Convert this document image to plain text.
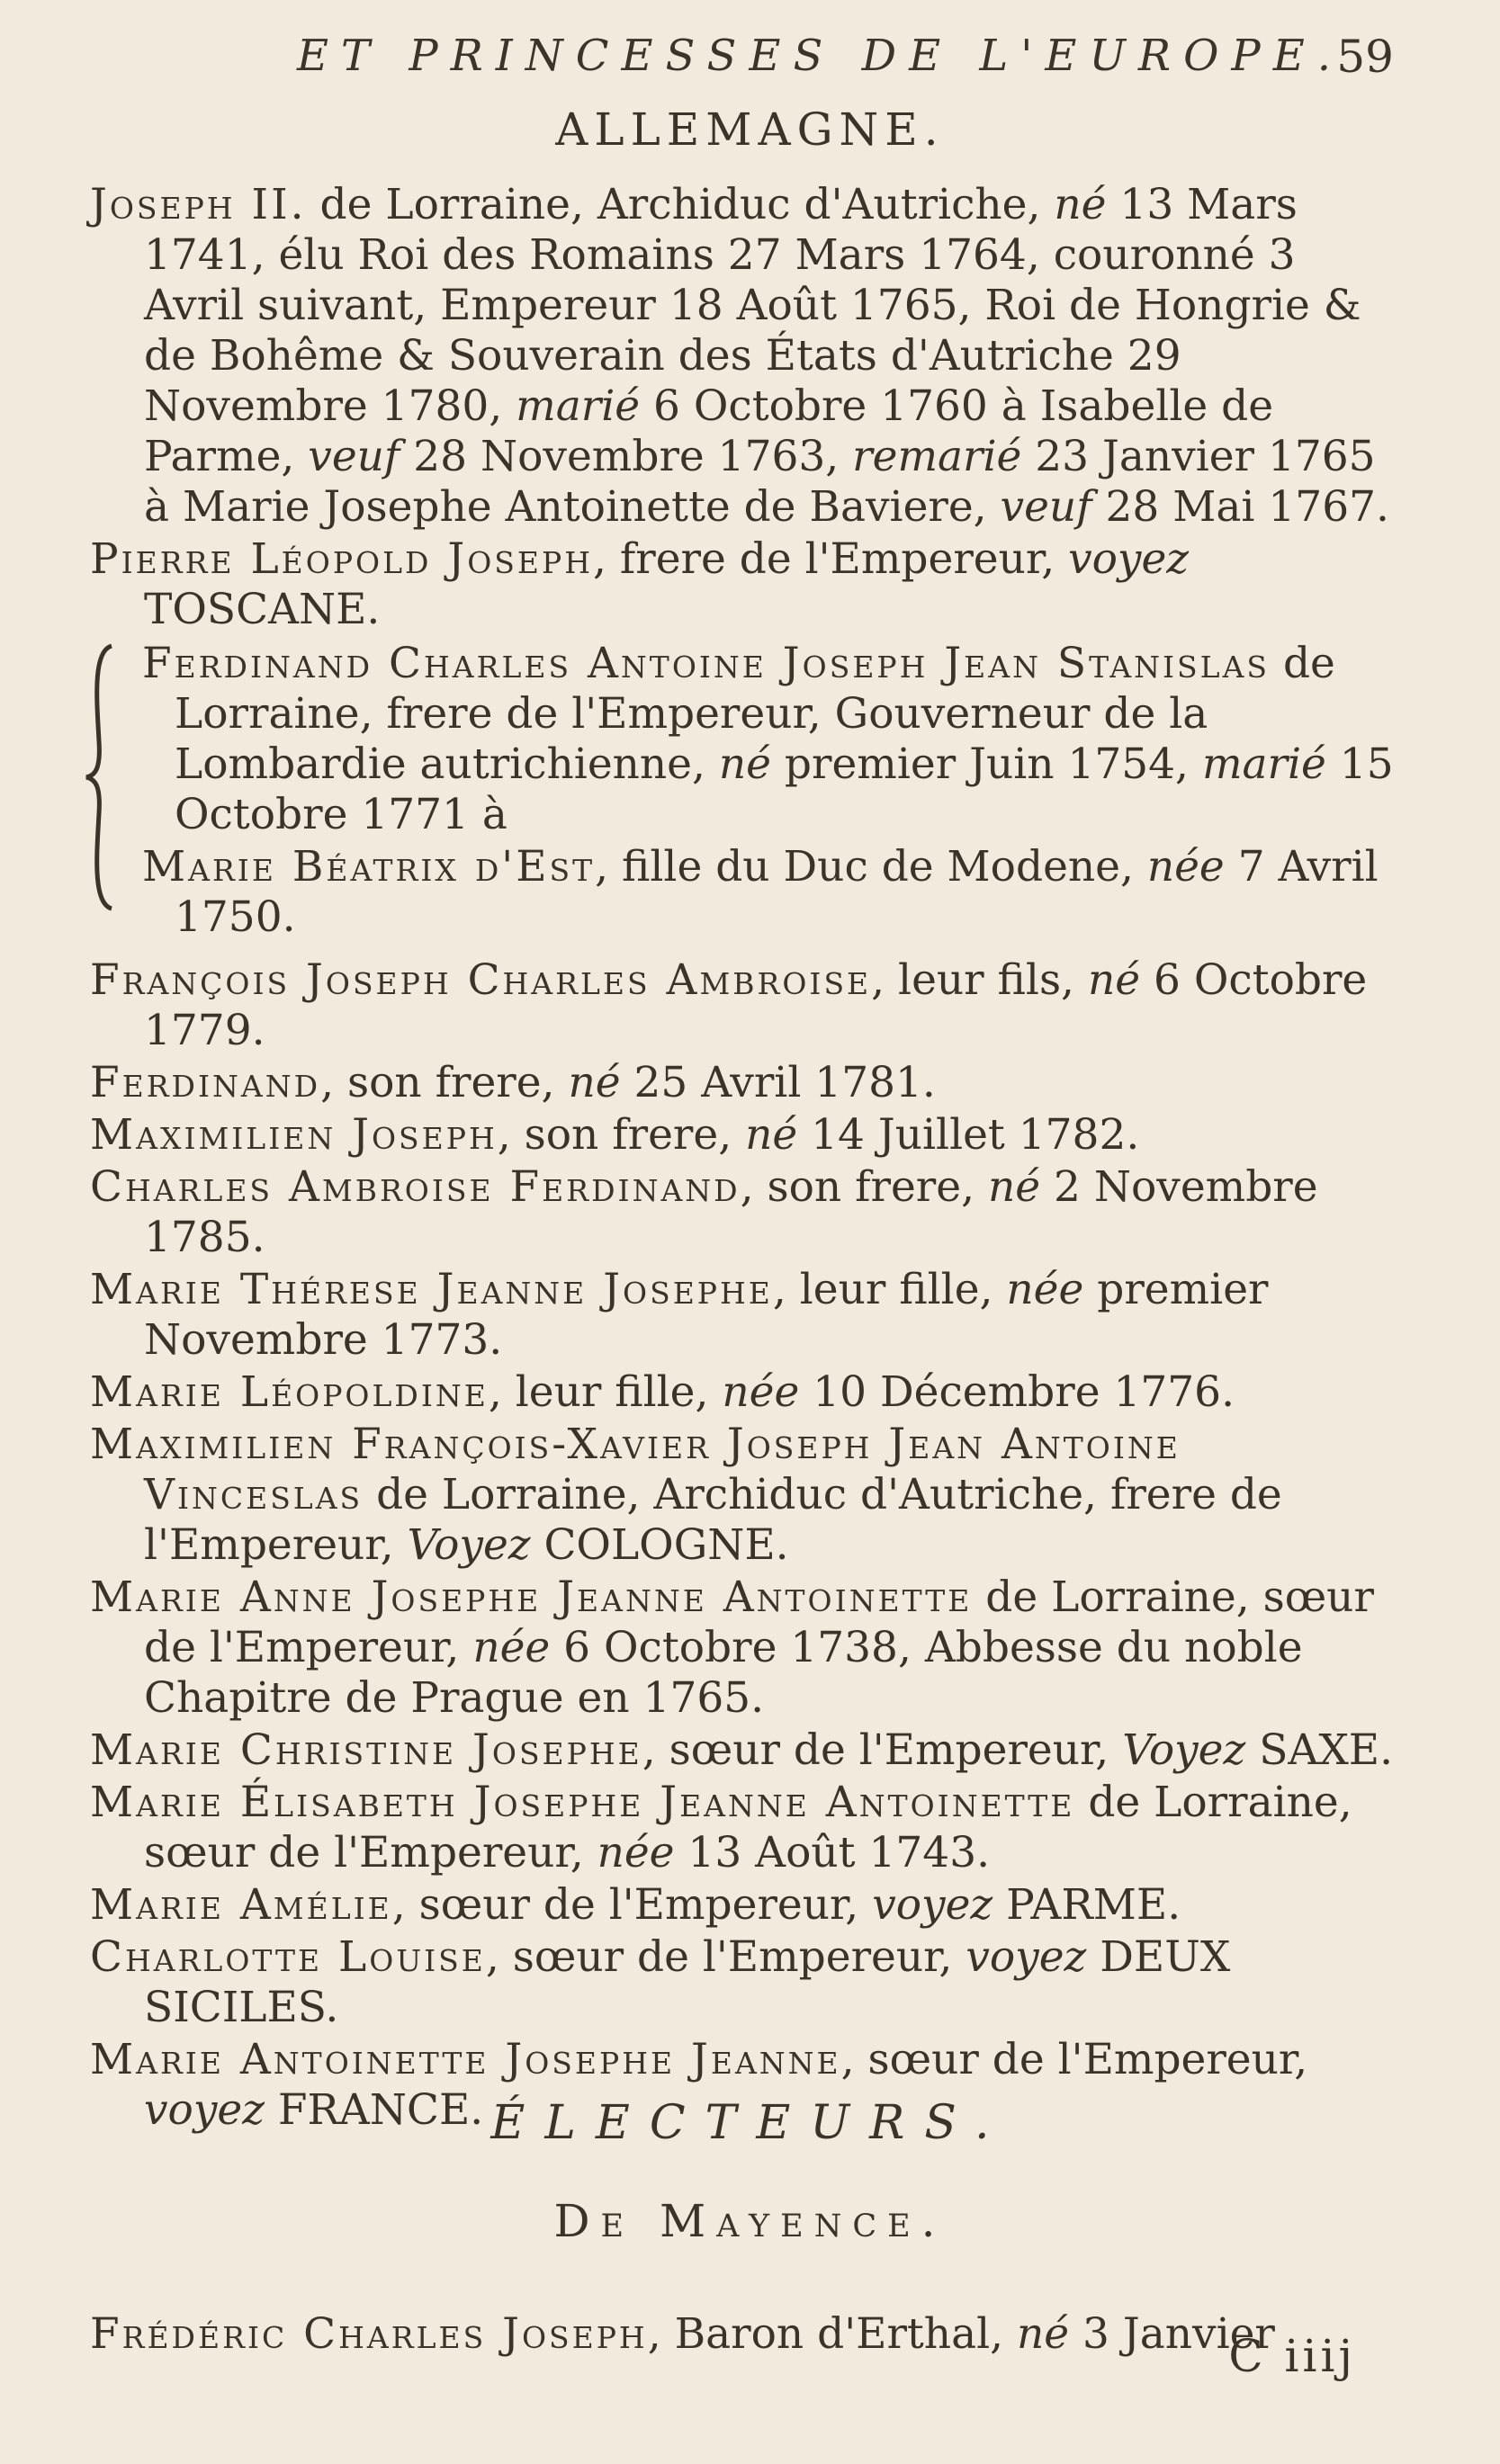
ET PRINCESSES DE L'EUROPE.
59
ALLEMAGNE.

Joseph II. de Lorraine, Archiduc d'Autriche, né 13 Mars 1741, élu Roi des Romains 27 Mars 1764, couronné 3 Avril suivant, Empereur 18 Août 1765, Roi de Hongrie & de Bohême & Souverain des États d'Autriche 29 Novembre 1780, marié 6 Octobre 1760 à Isabelle de Parme, veuf 28 Novembre 1763, remarié 23 Janvier 1765 à Marie Josephe Antoinette de Baviere, veuf 28 Mai 1767.

Pierre Léopold Joseph, frere de l'Empereur, voyez TOSCANE.

Ferdinand Charles Antoine Joseph Jean Stanislas de Lorraine, frere de l'Empereur, Gouverneur de la Lombardie autrichienne, né premier Juin 1754, marié 15 Octobre 1771 à

Marie Béatrix d'Est, fille du Duc de Modene, née 7 Avril 1750.

François Joseph Charles Ambroise, leur fils, né 6 Octobre 1779.

Ferdinand, son frere, né 25 Avril 1781.

Maximilien Joseph, son frere, né 14 Juillet 1782.

Charles Ambroise Ferdinand, son frere, né 2 Novembre 1785.

Marie Thérese Jeanne Josephe, leur fille, née premier Novembre 1773.

Marie Léopoldine, leur fille, née 10 Décembre 1776.

Maximilien François-Xavier Joseph Jean Antoine Vinceslas de Lorraine, Archiduc d'Autriche, frere de l'Empereur, Voyez COLOGNE.

Marie Anne Josephe Jeanne Antoinette de Lorraine, sœur de l'Empereur, née 6 Octobre 1738, Abbesse du noble Chapitre de Prague en 1765.

Marie Christine Josephe, sœur de l'Empereur, Voyez SAXE.

Marie Élisabeth Josephe Jeanne Antoinette de Lorraine, sœur de l'Empereur, née 13 Août 1743.

Marie Amélie, sœur de l'Empereur, voyez PARME.

Charlotte Louise, sœur de l'Empereur, voyez DEUX SICILES.

Marie Antoinette Josephe Jeanne, sœur de l'Empereur, voyez FRANCE. ÉLECTEURS.
De Mayence.

Frédéric Charles Joseph, Baron d'Erthal, né 3 Janvier

C iiij
